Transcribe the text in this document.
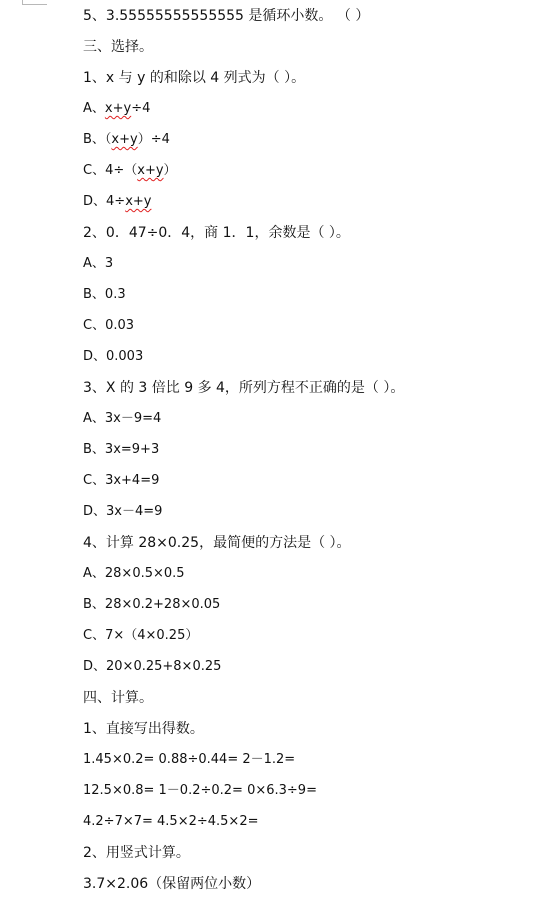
5、3.55555555555555 是循环小数。 （ ）
三、选择。
1、x 与 y 的和除以 4 列式为（ ）。
A、x+y÷4
B、（x+y）÷4
C、4÷（x+y）
D、4÷x+y
2、0．47÷0．4，商 1．1，余数是（ ）。
A、3
B、0.3
C、0.03
D、0.003
3、X 的 3 倍比 9 多 4，所列方程不正确的是（ ）。
A、3x－9=4
B、3x=9+3
C、3x+4=9
D、3x－4=9
4、计算 28×0.25，最简便的方法是（ ）。
A、28×0.5×0.5
B、28×0.2+28×0.05
C、7×（4×0.25）
D、20×0.25+8×0.25
四、计算。
1、直接写出得数。
1.45×0.2= 0.88÷0.44= 2－1.2=
12.5×0.8= 1－0.2÷0.2= 0×6.3÷9=
4.2÷7×7= 4.5×2÷4.5×2=
2、用竖式计算。
3.7×2.06（保留两位小数）
